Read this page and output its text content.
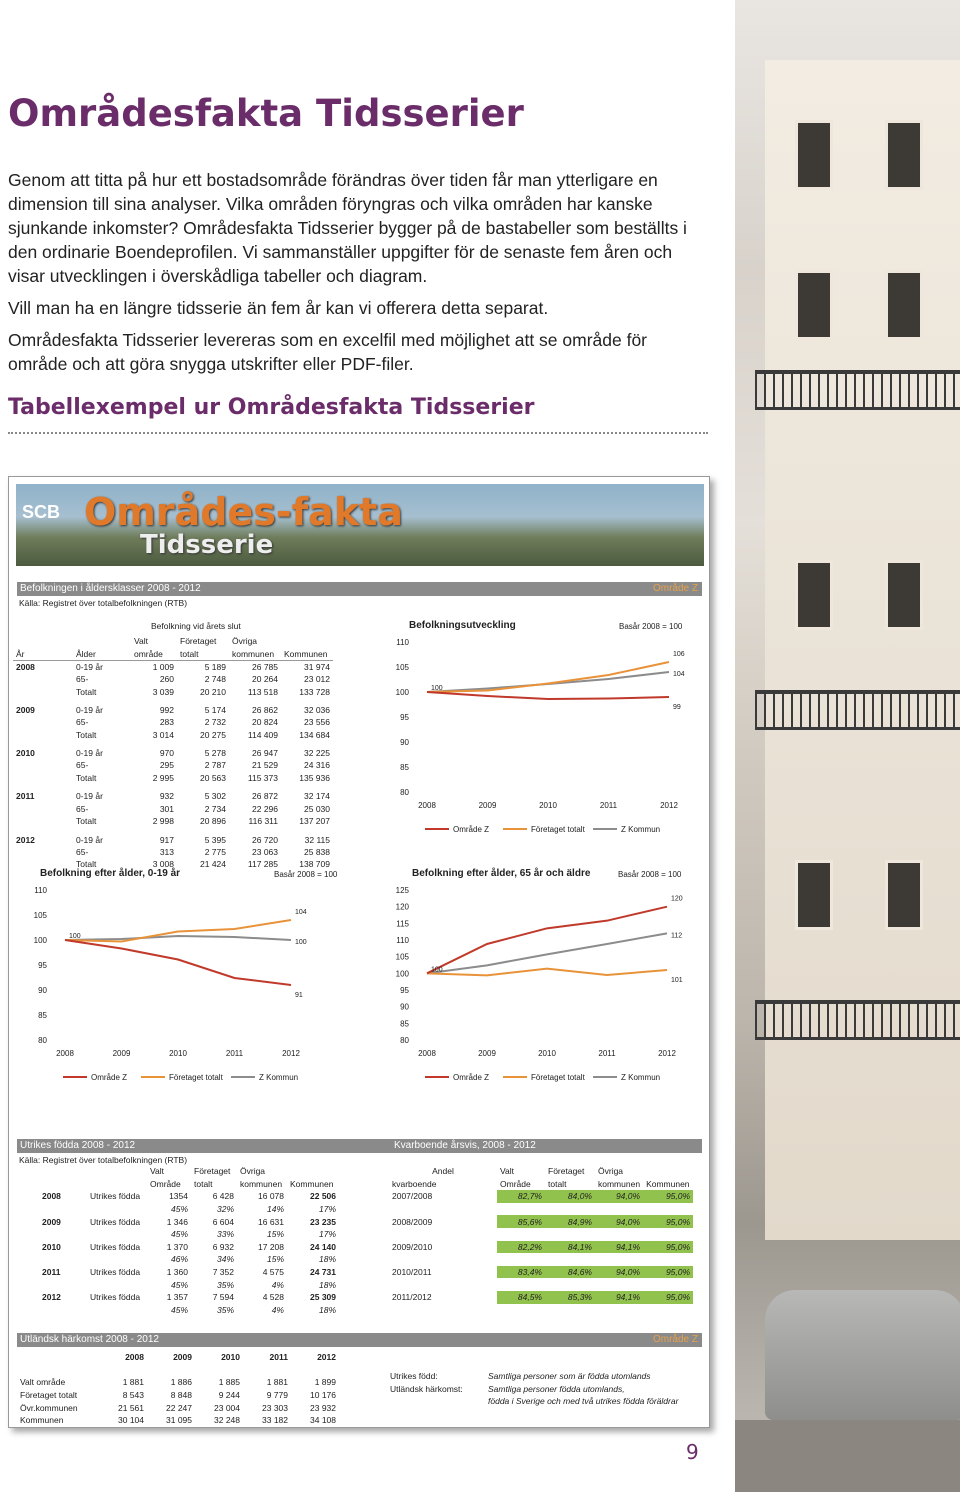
Områdesfakta Tidsserier

Genom att titta på hur ett bostadsområde förändras över tiden får man ytterligare en dimension till sina analyser. Vilka områden föryngras och vilka områden har kanske sjunkande inkomster? Områdesfakta Tidsserier bygger på de bastabeller som beställts i den ordinarie Boendeprofilen. Vi sammanställer uppgifter för de senaste fem åren och visar utvecklingen i överskådliga tabeller och diagram.

Vill man ha en längre tidsserie än fem år kan vi offerera detta separat.

Områdesfakta Tidsserier levereras som en excelfil med möjlighet att se område för område och att göra snygga utskrifter eller PDF-filer.

Tabellexempel ur Områdesfakta Tidsserier
SCB Områdes-fakta
Tidsserie
Befolkningen i åldersklasser 2008 - 2012	Område Z
Källa: Registret över totalbefolkningen (RTB)
Befolkning vid årets slut
		Valt	Företaget	Övriga	
År	Ålder	område	totalt	kommunen	Kommunen
2008	0-19 år	1 009	5 189	26 785	31 974
	65-	260	2 748	20 264	23 012
	Totalt	3 039	20 210	113 518	133 728
2009	0-19 år	992	5 174	26 862	32 036
	65-	283	2 732	20 824	23 556
	Totalt	3 014	20 275	114 409	134 684
2010	0-19 år	970	5 278	26 947	32 225
	65-	295	2 787	21 529	24 316
	Totalt	2 995	20 563	115 373	135 936
2011	0-19 år	932	5 302	26 872	32 174
	65-	301	2 734	22 296	25 030
	Totalt	2 998	20 896	116 311	137 207
2012	0-19 år	917	5 395	26 720	32 115
	65-	313	2 775	23 063	25 838
	Totalt	3 008	21 424	117 285	138 709
Befolkningsutveckling	Basår 2008 = 100
110
105
100
95
90
85
80
2008	2009	2010	2011	2012
100
106
104
99
Område Z	Företaget totalt	Z Kommun
Befolkning efter ålder, 0-19 år	Basår 2008 = 100
110
105
100
95
90
85
80
2008	2009	2010	2011	2012
100
104
100
91
Område Z	Företaget totalt	Z Kommun
Befolkning efter ålder, 65 år och äldre	Basår 2008 = 100
125
120
115
110
105
100
95
90
85
80
2008	2009	2010	2011	2012
100
120
112
101
Område Z	Företaget totalt	Z Kommun
Utrikes födda 2008 - 2012	Kvarboende årsvis, 2008 - 2012
Källa: Registret över totalbefolkningen (RTB)
		Valt	Företaget	Övriga	
		Område	totalt	kommunen	Kommunen
2008	Utrikes födda	1354	6 428	16 078	22 506
		45%	32%	14%	17%
2009	Utrikes födda	1 346	6 604	16 631	23 235
		45%	33%	15%	17%
2010	Utrikes födda	1 370	6 932	17 208	24 140
		46%	34%	15%	18%
2011	Utrikes födda	1 360	7 352	4 575	24 731
		45%	35%	4%	18%
2012	Utrikes födda	1 357	7 594	4 528	25 309
		45%	35%	4%	18%
Andel	Valt	Företaget	Övriga	
kvarboende	Område	totalt	kommunen	Kommunen
2007/2008	82,7%	84,0%	94,0%	95,0%

2008/2009	85,6%	84,9%	94,0%	95,0%

2009/2010	82,2%	84,1%	94,1%	95,0%

2010/2011	83,4%	84,6%	94,0%	95,0%

2011/2012	84,5%	85,3%	94,1%	95,0%

Utländsk härkomst 2008 - 2012	Område Z
	2008	2009	2010	2011	2012

Valt område	1 881	1 886	1 885	1 881	1 899
Företaget totalt	8 543	8 848	9 244	9 779	10 176
Övr.kommunen	21 561	22 247	23 004	23 303	23 932
Kommunen	30 104	31 095	32 248	33 182	34 108
Utrikes född:	Samtliga personer som är födda utomlands
Utländsk härkomst:	Samtliga personer födda utomlands,
	födda i Sverige och med två utrikes födda föräldrar
9
